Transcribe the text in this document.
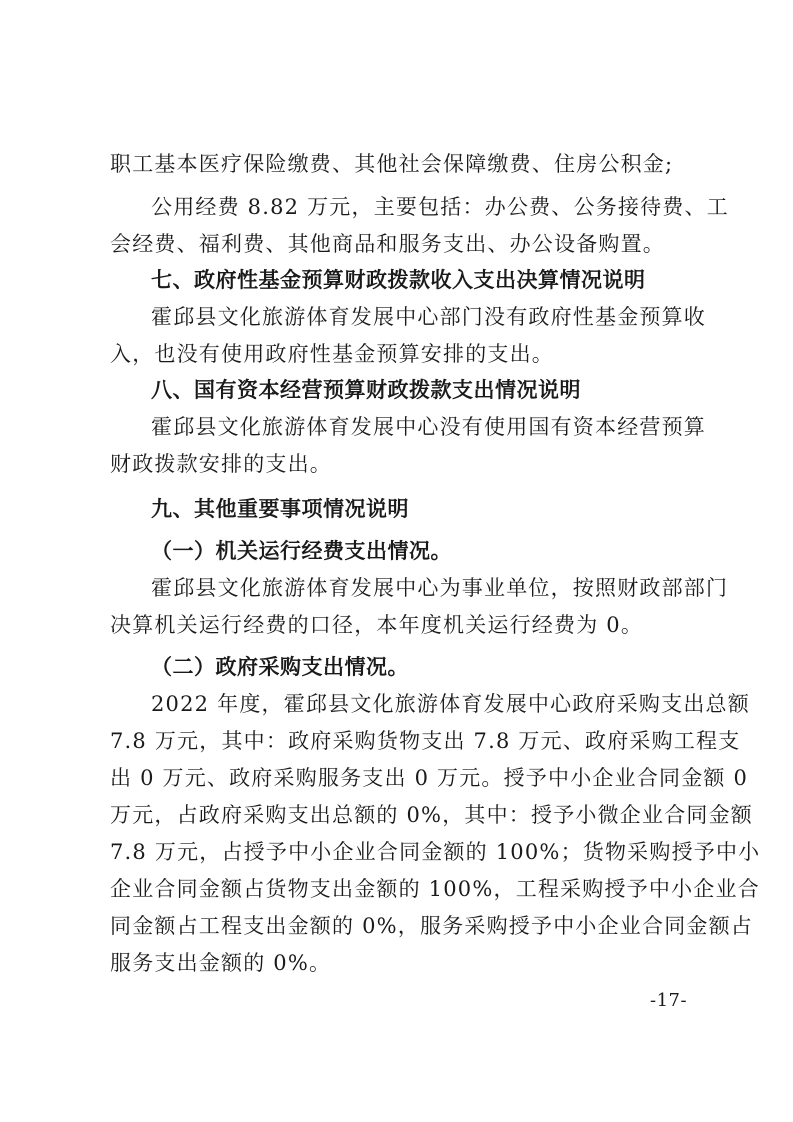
职工基本医疗保险缴费、其他社会保障缴费、住房公积金;
公用经费 8.82 万元，主要包括：办公费、公务接待费、工
会经费、福利费、其他商品和服务支出、办公设备购置。
七、政府性基金预算财政拨款收入支出决算情况说明
霍邱县文化旅游体育发展中心部门没有政府性基金预算收
入，也没有使用政府性基金预算安排的支出。
八、国有资本经营预算财政拨款支出情况说明
霍邱县文化旅游体育发展中心没有使用国有资本经营预算
财政拨款安排的支出。
九、其他重要事项情况说明
（一）机关运行经费支出情况。
霍邱县文化旅游体育发展中心为事业单位，按照财政部部门
决算机关运行经费的口径，本年度机关运行经费为 0。
（二）政府采购支出情况。
2022 年度，霍邱县文化旅游体育发展中心政府采购支出总额
7.8 万元，其中：政府采购货物支出 7.8 万元、政府采购工程支
出 0 万元、政府采购服务支出 0 万元。授予中小企业合同金额 0
万元，占政府采购支出总额的 0%，其中：授予小微企业合同金额
7.8 万元，占授予中小企业合同金额的 100%；货物采购授予中小
企业合同金额占货物支出金额的 100%，工程采购授予中小企业合
同金额占工程支出金额的 0%，服务采购授予中小企业合同金额占
服务支出金额的 0%。
-17-
